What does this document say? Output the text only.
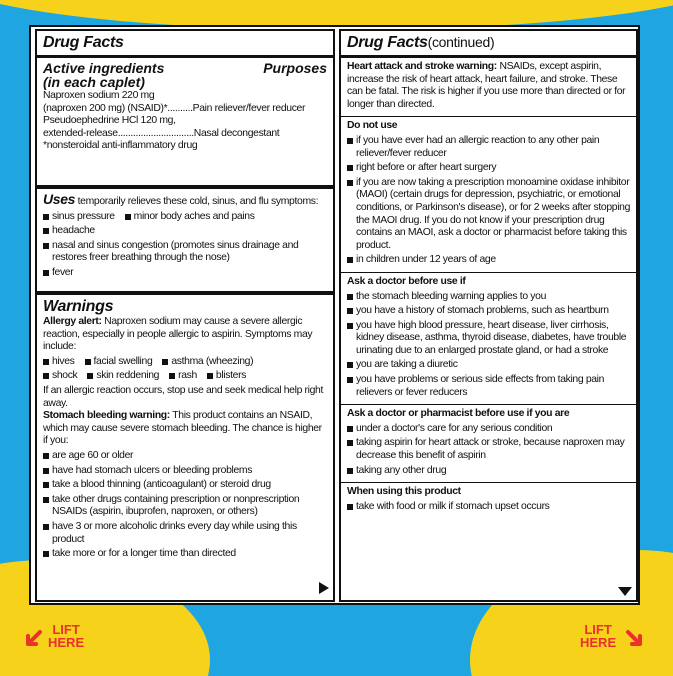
Drug Facts
Active ingredients	Purposes
(in each caplet)
Naproxen sodium 220 mg
(naproxen 200 mg) (NSAID)*..........Pain reliever/fever reducer
Pseudoephedrine HCl 120 mg,
extended-release..............................Nasal decongestant
*nonsteroidal anti-inflammatory drug
Uses temporarily relieves these cold, sinus, and flu symptoms:
sinus pressure	minor body aches and pains
headache
nasal and sinus congestion (promotes sinus drainage and restores freer breathing through the nose)
fever
Warnings
Allergy alert: Naproxen sodium may cause a severe allergic reaction, especially in people allergic to aspirin. Symptoms may include:
hives	facial swelling	asthma (wheezing)
shock	skin reddening	rash	blisters
If an allergic reaction occurs, stop use and seek medical help right away.
Stomach bleeding warning: This product contains an NSAID, which may cause severe stomach bleeding. The chance is higher if you:
are age 60 or older
have had stomach ulcers or bleeding problems
take a blood thinning (anticoagulant) or steroid drug
take other drugs containing prescription or nonprescription NSAIDs (aspirin, ibuprofen, naproxen, or others)
have 3 or more alcoholic drinks every day while using this product
take more or for a longer time than directed
Drug Facts(continued)
Heart attack and stroke warning: NSAIDs, except aspirin, increase the risk of heart attack, heart failure, and stroke. These can be fatal. The risk is higher if you use more than directed or for longer than directed.
Do not use
if you have ever had an allergic reaction to any other pain reliever/fever reducer
right before or after heart surgery
if you are now taking a prescription monoamine oxidase inhibitor (MAOI) (certain drugs for depression, psychiatric, or emotional conditions, or Parkinson's disease), or for 2 weeks after stopping the MAOI drug. If you do not know if your prescription drug contains an MAOI, ask a doctor or pharmacist before taking this product.
in children under 12 years of age
Ask a doctor before use if
the stomach bleeding warning applies to you
you have a history of stomach problems, such as heartburn
you have high blood pressure, heart disease, liver cirrhosis, kidney disease, asthma, thyroid disease, diabetes, have trouble urinating due to an enlarged prostate gland, or had a stroke
you are taking a diuretic
you have problems or serious side effects from taking pain relievers or fever reducers
Ask a doctor or pharmacist before use if you are
under a doctor's care for any serious condition
taking aspirin for heart attack or stroke, because naproxen may decrease this benefit of aspirin
taking any other drug
When using this product
take with food or milk if stomach upset occurs
LIFT
HERE
LIFT
HERE
